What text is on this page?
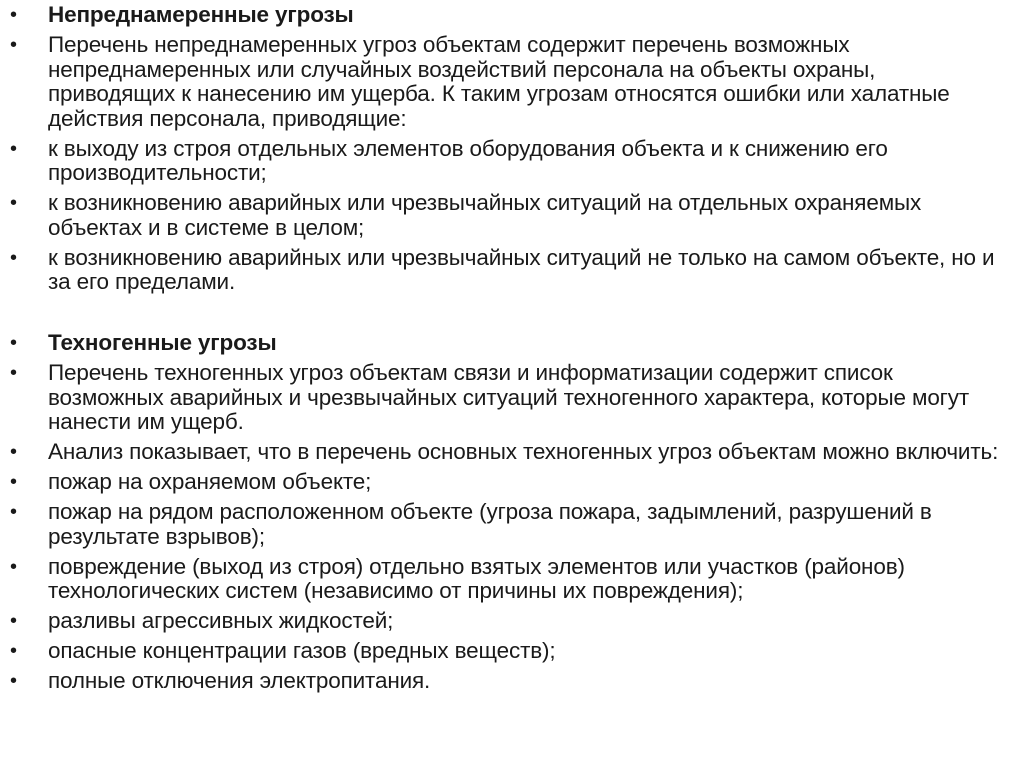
• Непреднамеренные угрозы
• Перечень непреднамеренных угроз объектам содержит перечень возможных непреднамеренных или случайных воздействий персонала на объекты охраны, приводящих к нанесению им ущерба. К таким угрозам относятся ошибки или халатные действия персонала, приводящие:
• к выходу из строя отдельных элементов оборудования объекта и к снижению его производительности;
• к возникновению аварийных или чрезвычайных ситуаций на отдельных охраняемых объектах и в системе в целом;
• к возникновению аварийных или чрезвычайных ситуаций не только на самом объекте, но и за его пределами.
• Техногенные угрозы
• Перечень техногенных угроз объектам связи и информатизации содержит список возможных аварийных и чрезвычайных ситуаций техногенного характера, которые могут нанести им ущерб.
• Анализ показывает, что в перечень основных техногенных угроз объектам можно включить:
• пожар на охраняемом объекте;
• пожар на рядом расположенном объекте (угроза пожара, задымлений, разрушений в результате взрывов);
• повреждение (выход из строя) отдельно взятых элементов или участков (районов) технологических систем (независимо от причины их повреждения);
• разливы агрессивных жидкостей;
• опасные концентрации газов (вредных веществ);
• полные отключения электропитания.
